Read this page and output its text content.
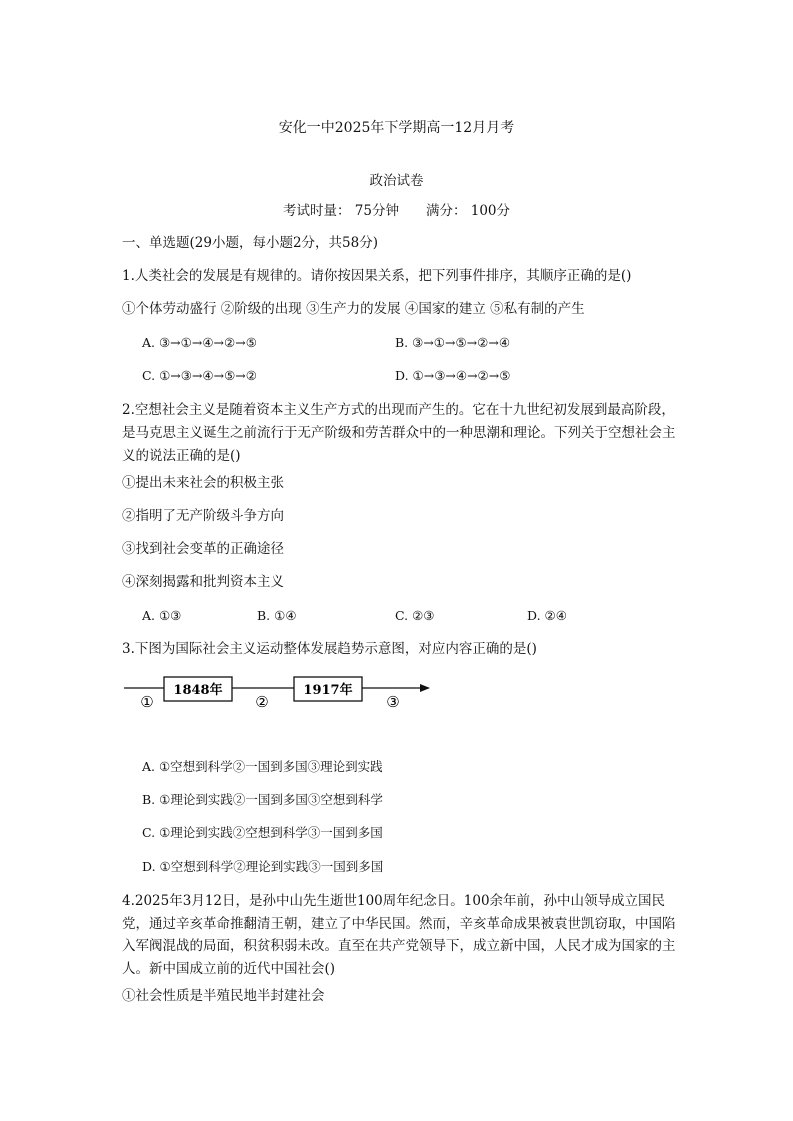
安化一中2025年下学期高一12月月考
政治试卷
考试时量： 75分钟　　满分： 100分
一、单选题(29小题，每小题2分，共58分)
1.人类社会的发展是有规律的。请你按因果关系，把下列事件排序，其顺序正确的是()
①个体劳动盛行 ②阶级的出现 ③生产力的发展 ④国家的建立 ⑤私有制的产生
A. ③→①→④→②→⑤	B. ③→①→⑤→②→④
C. ①→③→④→⑤→②	D. ①→③→④→②→⑤
2.空想社会主义是随着资本主义生产方式的出现而产生的。它在十九世纪初发展到最高阶段，是马克思主义诞生之前流行于无产阶级和劳苦群众中的一种思潮和理论。下列关于空想社会主义的说法正确的是()
①提出未来社会的积极主张
②指明了无产阶级斗争方向
③找到社会变革的正确途径
④深刻揭露和批判资本主义
A. ①③	B. ①④	C. ②③	D. ②④
3.下图为国际社会主义运动整体发展趋势示意图，对应内容正确的是()
1848年	1917年
①	②	③
A. ①空想到科学②一国到多国③理论到实践
B. ①理论到实践②一国到多国③空想到科学
C. ①理论到实践②空想到科学③一国到多国
D. ①空想到科学②理论到实践③一国到多国
4.2025年3月12日，是孙中山先生逝世100周年纪念日。100余年前，孙中山领导成立国民党，通过辛亥革命推翻清王朝，建立了中华民国。然而，辛亥革命成果被袁世凯窃取，中国陷入军阀混战的局面，积贫积弱未改。直至在共产党领导下，成立新中国，人民才成为国家的主人。新中国成立前的近代中国社会()
①社会性质是半殖民地半封建社会
